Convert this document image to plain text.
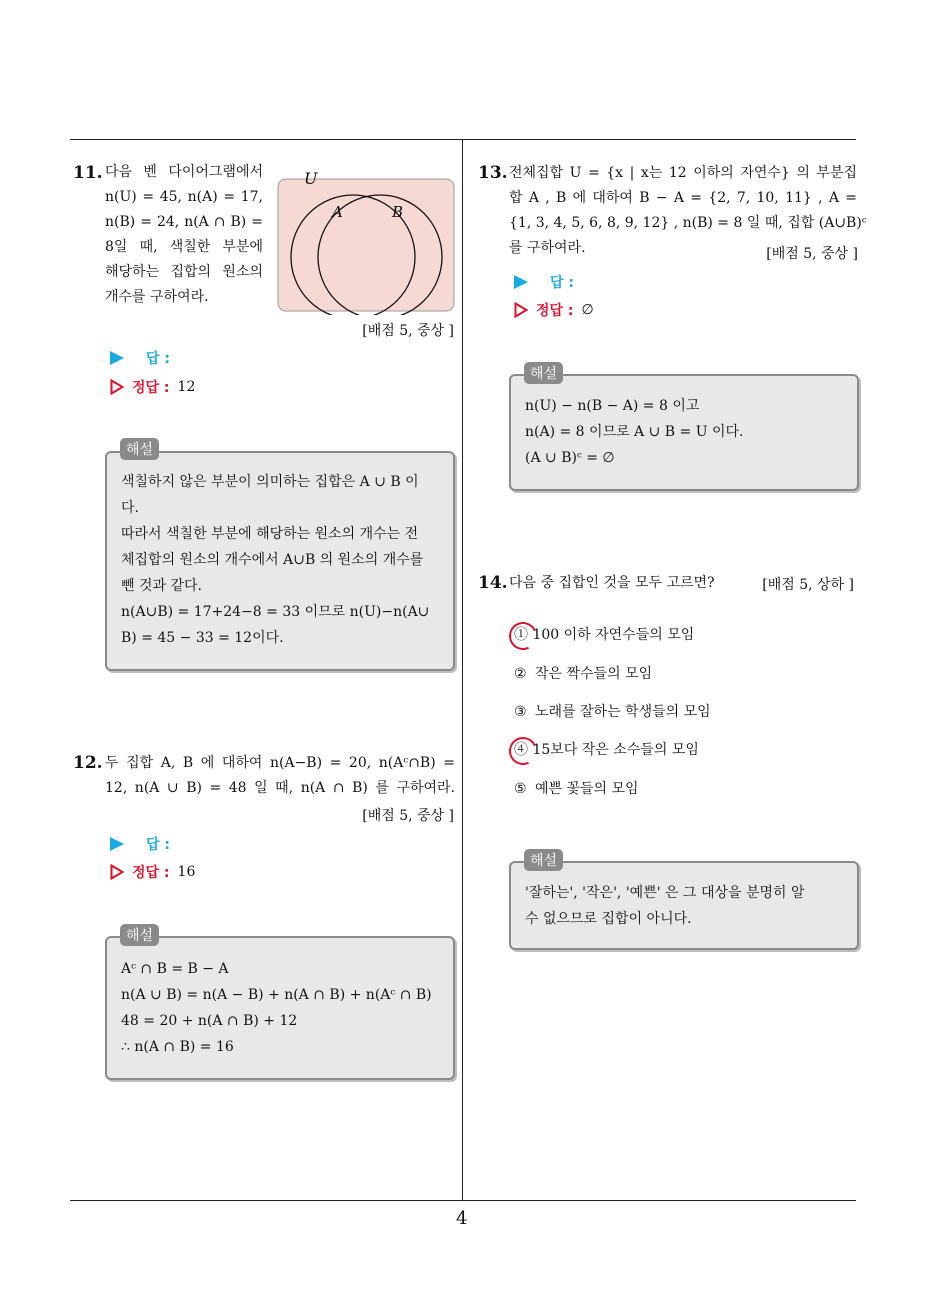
11. 다음 벤 다이어그램에서
n(U) = 45, n(A) = 17,
n(B) = 24, n(A ∩ B) =
8일 때, 색칠한 부분에
해당하는 집합의 원소의
개수를 구하여라.
U
A	B
[배점 5, 중상 ]
답 :
정답 : 12
색칠하지 않은 부분이 의미하는 집합은 A ∪ B 이
다.
따라서 색칠한 부분에 해당하는 원소의 개수는 전
체집합의 원소의 개수에서 A∪B 의 원소의 개수를
뺀 것과 같다.
n(A∪B) = 17+24−8 = 33 이므로 n(U)−n(A∪
B) = 45 − 33 = 12이다.
해설
12. 두 집합 A, B 에 대하여 n(A−B) = 20, n(Aᶜ∩B) =
12, n(A ∪ B) = 48 일 때, n(A ∩ B) 를 구하여라.
[배점 5, 중상 ]
답 :
정답 : 16
Aᶜ ∩ B = B − A
n(A ∪ B) = n(A − B) + n(A ∩ B) + n(Aᶜ ∩ B)
48 = 20 + n(A ∩ B) + 12
∴ n(A ∩ B) = 16
해설
13. 전체집합 U = {x | x는 12 이하의 자연수} 의 부분집
합 A , B 에 대하여 B − A = {2, 7, 10, 11} , A =
{1, 3, 4, 5, 6, 8, 9, 12} , n(B) = 8 일 때, 집합 (A∪B)ᶜ
를 구하여라.	[배점 5, 중상 ]
답 :
정답 : ∅
n(U) − n(B − A) = 8 이고
n(A) = 8 이므로 A ∪ B = U 이다.
(A ∪ B)ᶜ = ∅
해설
14. 다음 중 집합인 것을 모두 고르면?	[배점 5, 상하 ]
① 100 이하 자연수들의 모임
② 작은 짝수들의 모임
③ 노래를 잘하는 학생들의 모임
④ 15보다 작은 소수들의 모임
⑤ 예쁜 꽃들의 모임
'잘하는', '작은', '예쁜' 은 그 대상을 분명히 알
수 없으므로 집합이 아니다.
해설
4
